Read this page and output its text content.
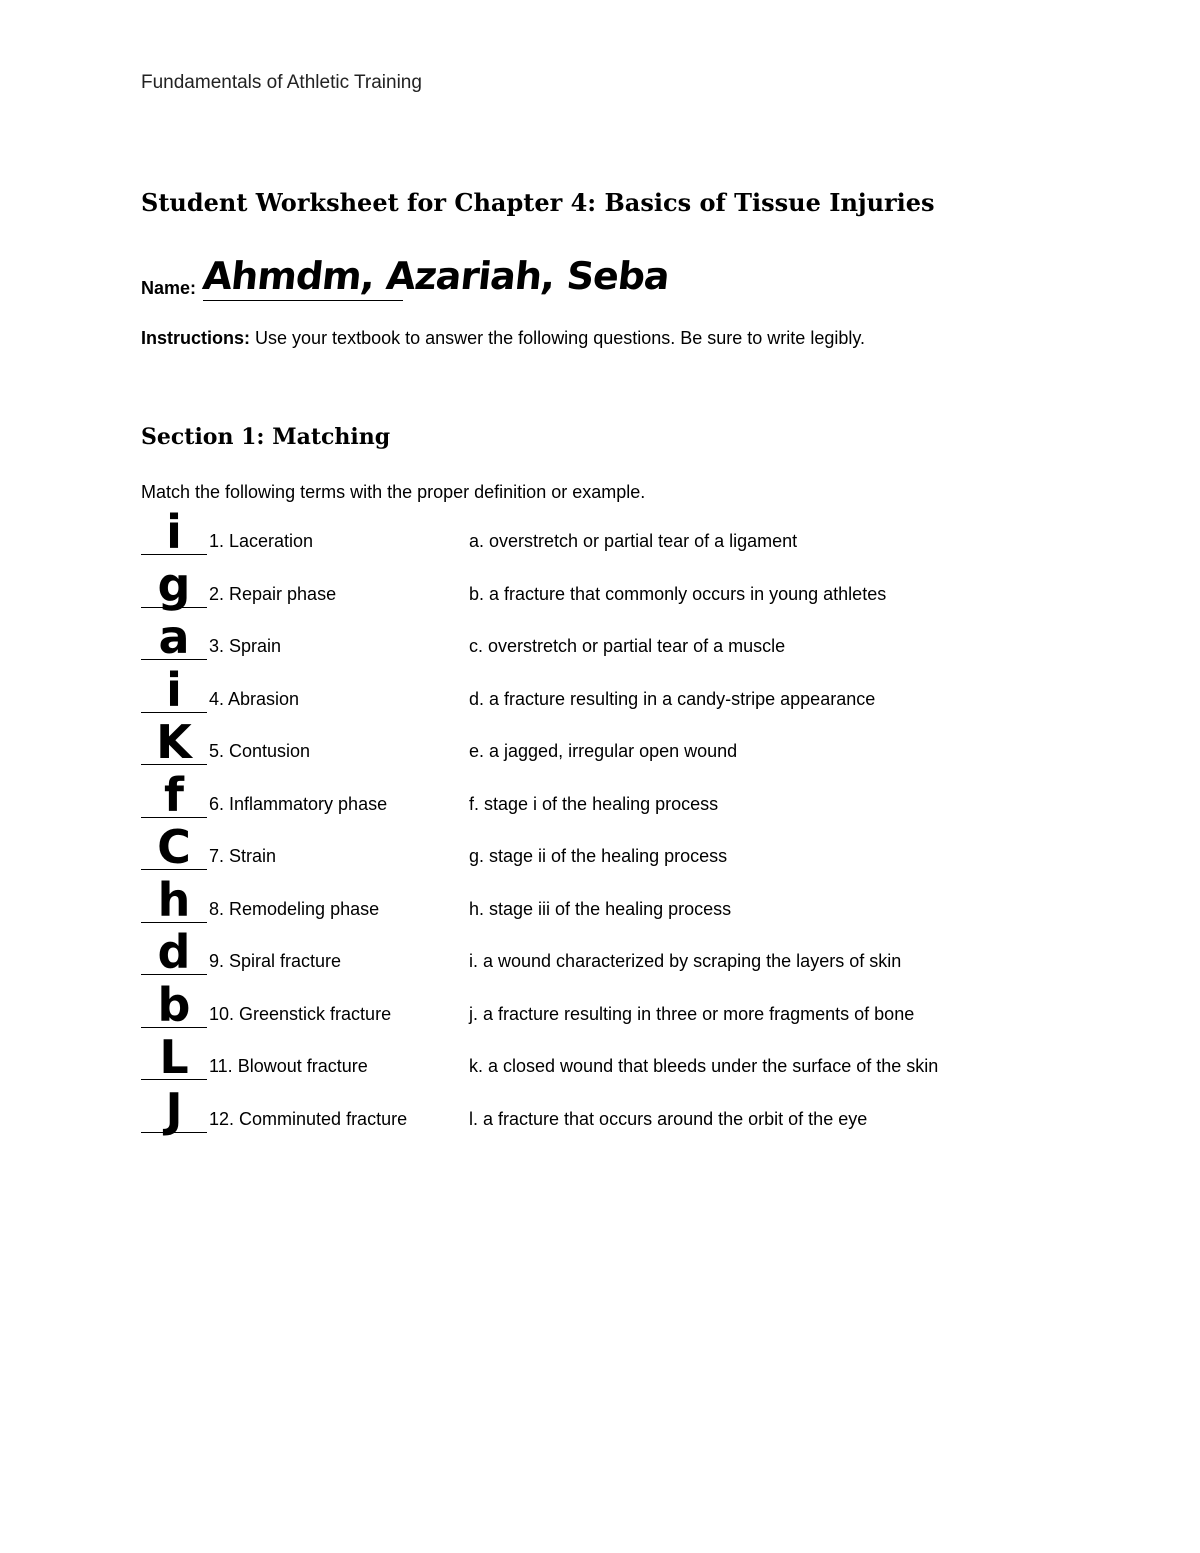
Fundamentals of Athletic Training
Student Worksheet for Chapter 4: Basics of Tissue Injuries
Name: Ahmdm, Azariah, Seba
Instructions: Use your textbook to answer the following questions. Be sure to write legibly.
Section 1: Matching
Match the following terms with the proper definition or example.
i	1. Laceration	a. overstretch or partial tear of a ligament
g	2. Repair phase	b. a fracture that commonly occurs in young athletes
a	3. Sprain	c. overstretch or partial tear of a muscle
i	4. Abrasion	d. a fracture resulting in a candy-stripe appearance
K 5. Contusion	e. a jagged, irregular open wound
f	6. Inflammatory phase	f. stage i of the healing process
C	7. Strain	g. stage ii of the healing process
h	8. Remodeling phase	h. stage iii of the healing process
d	9. Spiral fracture	i. a wound characterized by scraping the layers of skin
b	10. Greenstick fracture	j. a fracture resulting in three or more fragments of bone
L	11. Blowout fracture	k. a closed wound that bleeds under the surface of the skin
J	12. Comminuted fracture	l. a fracture that occurs around the orbit of the eye
